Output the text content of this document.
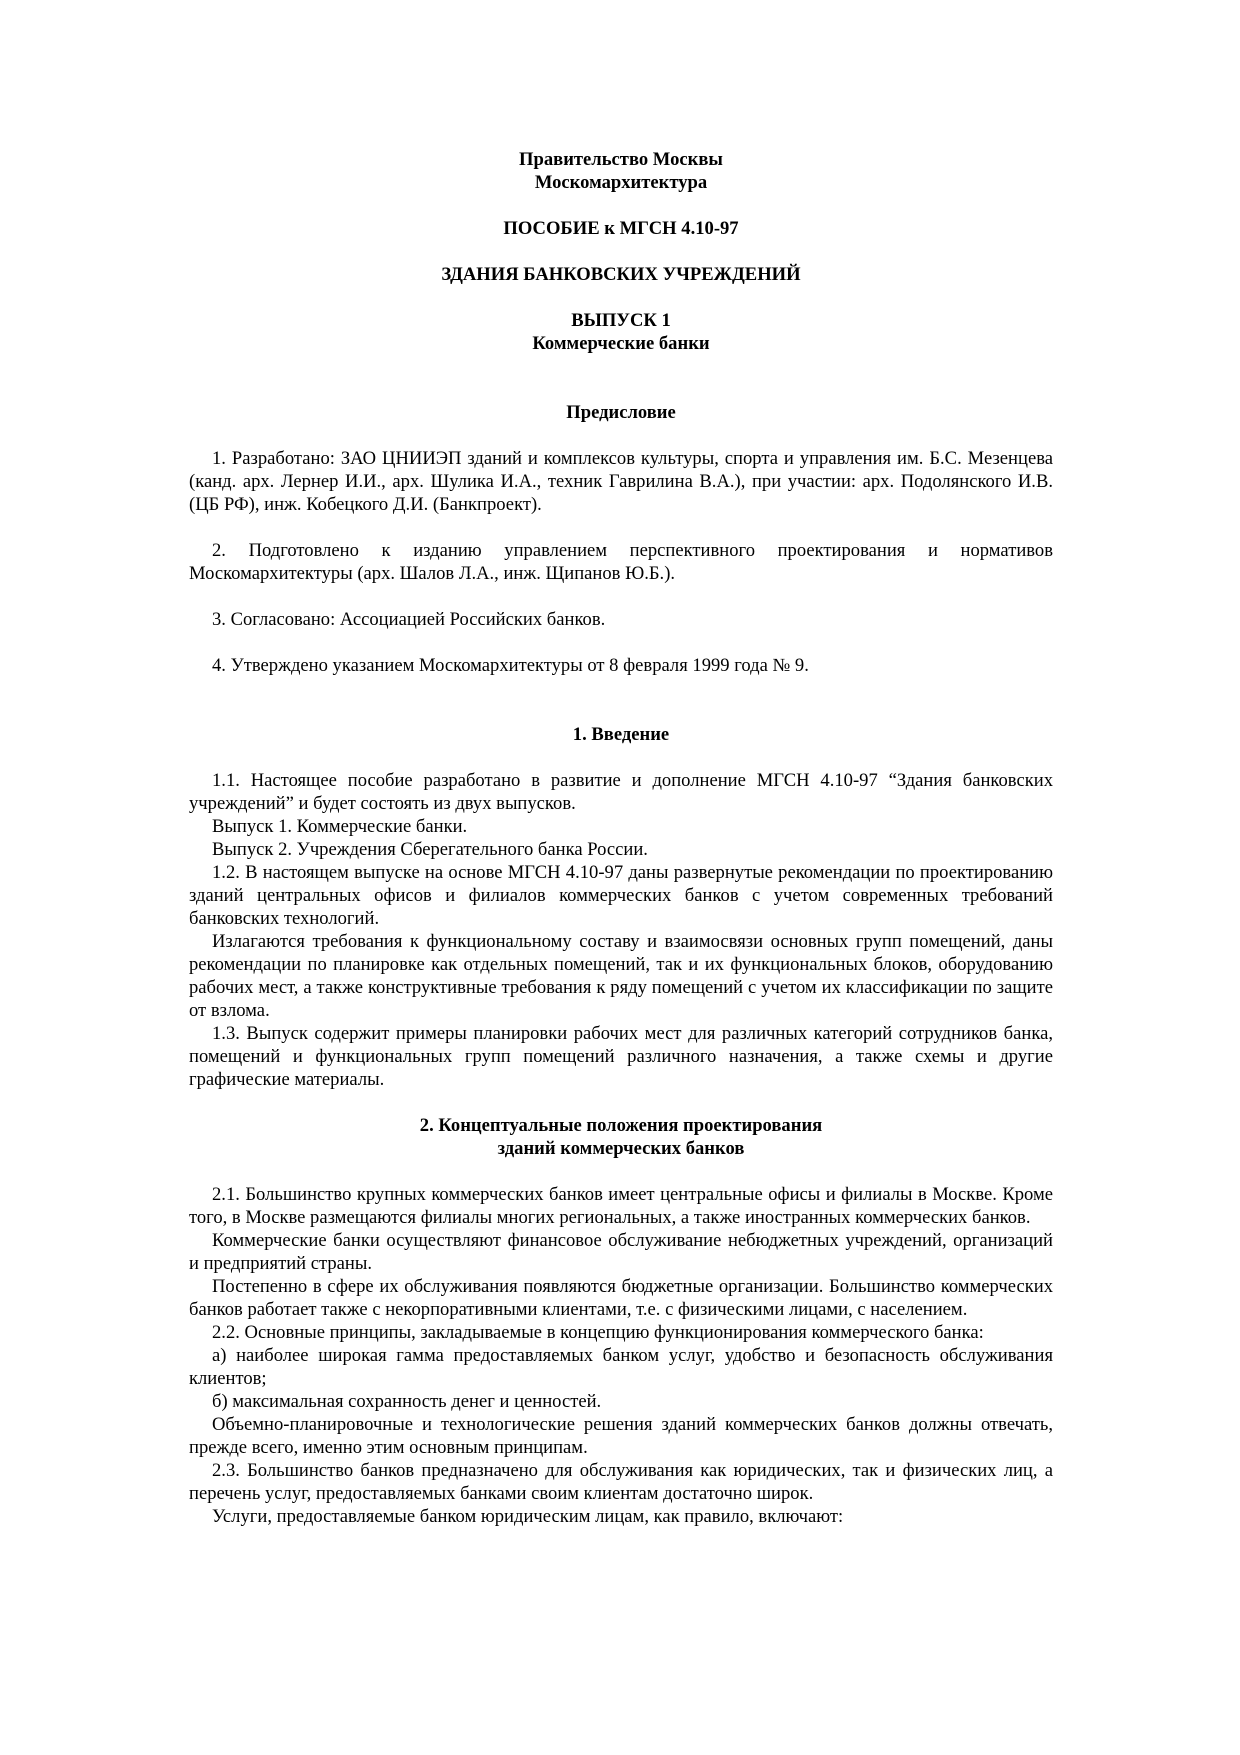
Правительство Москвы
Москомархитектура
ПОСОБИЕ к МГСН 4.10-97
ЗДАНИЯ БАНКОВСКИХ УЧРЕЖДЕНИЙ
ВЫПУСК 1
Коммерческие банки
Предисловие

1. Разработано: ЗАО ЦНИИЭП зданий и комплексов культуры, спорта и управления им. Б.С. Мезенцева (канд. арх. Лернер И.И., арх. Шулика И.А., техник Гаврилина В.А.), при участии: арх. Подолянского И.В. (ЦБ РФ), инж. Кобецкого Д.И. (Банкпроект).

2. Подготовлено к изданию управлением перспективного проектирования и нормативов Москомархитектуры (арх. Шалов Л.А., инж. Щипанов Ю.Б.).

3. Согласовано: Ассоциацией Российских банков.

4. Утверждено указанием Москомархитектуры от 8 февраля 1999 года № 9.

1. Введение

1.1. Настоящее пособие разработано в развитие и дополнение МГСН 4.10-97 “Здания банковских учреждений” и будет состоять из двух выпусков.

Выпуск 1. Коммерческие банки.

Выпуск 2. Учреждения Сберегательного банка России.

1.2. В настоящем выпуске на основе МГСН 4.10-97 даны развернутые рекомендации по проектированию зданий центральных офисов и филиалов коммерческих банков с учетом современных требований банковских технологий.

Излагаются требования к функциональному составу и взаимосвязи основных групп помещений, даны рекомендации по планировке как отдельных помещений, так и их функциональных блоков, оборудованию рабочих мест, а также конструктивные требования к ряду помещений с учетом их классификации по защите от взлома.

1.3. Выпуск содержит примеры планировки рабочих мест для различных категорий сотрудников банка, помещений и функциональных групп помещений различного назначения, а также схемы и другие графические материалы.

2. Концептуальные положения проектирования
зданий коммерческих банков

2.1. Большинство крупных коммерческих банков имеет центральные офисы и филиалы в Москве. Кроме того, в Москве размещаются филиалы многих региональных, а также иностранных коммерческих банков.

Коммерческие банки осуществляют финансовое обслуживание небюджетных учреждений, организаций и предприятий страны.

Постепенно в сфере их обслуживания появляются бюджетные организации. Большинство коммерческих банков работает также с некорпоративными клиентами, т.е. с физическими лицами, с населением.

2.2. Основные принципы, закладываемые в концепцию функционирования коммерческого банка:

а) наиболее широкая гамма предоставляемых банком услуг, удобство и безопасность обслуживания клиентов;

б) максимальная сохранность денег и ценностей.

Объемно-планировочные и технологические решения зданий коммерческих банков должны отвечать, прежде всего, именно этим основным принципам.

2.3. Большинство банков предназначено для обслуживания как юридических, так и физических лиц, а перечень услуг, предоставляемых банками своим клиентам достаточно широк.

Услуги, предоставляемые банком юридическим лицам, как правило, включают:
